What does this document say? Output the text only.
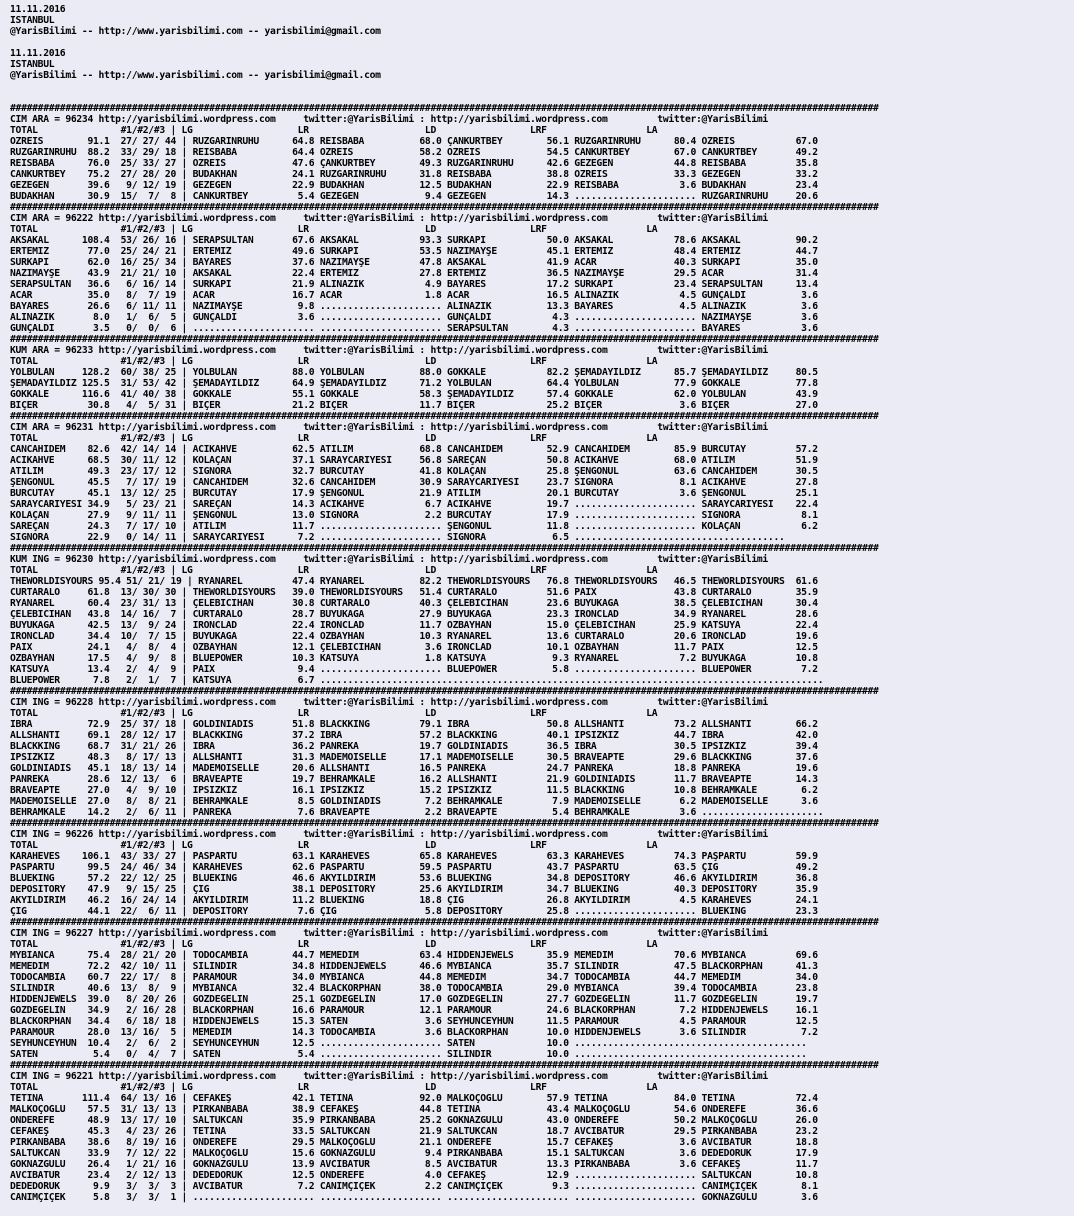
11.11.2016
ISTANBUL
@YarisBilimi -- http://www.yarisbilimi.com -- yarisbilimi@gmail.com

11.11.2016
ISTANBUL
@YarisBilimi -- http://www.yarisbilimi.com -- yarisbilimi@gmail.com

#############################################################################################################################################################
CIM ARA = 96234 http://yarisbilimi.wordpress.com     twitter:@YarisBilimi : http://yarisbilimi.wordpress.com         twitter:@YarisBilimi
TOTAL               #1/#2/#3 | LG                   LR                     LD                 LRF                  LA
ÖZREİS        91.1  27/ 27/ 44 | RUZGARINRUHU      64.8 REİSBABA          68.0 ÇANKURTBEY        56.1 RUZGARINRUHU      80.4 ÖZREİS           67.0
RUZGARINRUHU  88.2  33/ 29/ 18 | REİSBABA          64.4 ÖZREİS            58.2 ÖZREİS            54.5 CANKURTBEY        67.0 CANKURTBEY       49.2
REİSBABA      76.0  25/ 33/ 27 | ÖZREİS            47.6 ÇANKURTBEY        49.3 RUZGARINRUHU      42.6 GEZEGEN           44.8 REİSBABA         35.8
CANKURTBEY    75.2  27/ 28/ 20 | BUDAKHAN          24.1 RUZGARINRUHU      31.8 REİSBABA          38.8 ÖZREİS            33.3 GEZEGEN          33.2
GEZEGEN       39.6   9/ 12/ 19 | GEZEGEN           22.9 BUDAKHAN          12.5 BUDAKHAN          22.9 REİSBABA           3.6 BUDAKHAN         23.4
BUDAKHAN      30.9  15/  7/  8 | CANKURTBEY         5.4 GEZEGEN            9.4 GEZEGEN           14.3 ...................... RUZGARINRUHU     20.6
#############################################################################################################################################################
CIM ARA = 96222 http://yarisbilimi.wordpress.com     twitter:@YarisBilimi : http://yarisbilimi.wordpress.com         twitter:@YarisBilimi
TOTAL               #1/#2/#3 | LG                   LR                     LD                 LRF                  LA
AKSAKAL      108.4  53/ 26/ 16 | SERAPSULTAN       67.6 AKSAKAL           93.3 SURKAPI           50.0 AKSAKAL           78.6 AKSAKAL          90.2
ERTEMİZ       77.0  25/ 24/ 21 | ERTEMİZ           49.6 SURKAPI           53.5 NAZIMAYŞE         45.1 ERTEMİZ           48.4 ERTEMİZ          44.7
SURKAPI       62.0  16/ 25/ 34 | BAYARES           37.6 NAZIMAYŞE         47.8 AKSAKAL           41.9 ACAR              40.3 SURKAPI          35.0
NAZIMAYŞE     43.9  21/ 21/ 10 | AKSAKAL           22.4 ERTEMİZ           27.8 ERTEMİZ           36.5 NAZIMAYŞE         29.5 ACAR             31.4
SERAPSULTAN   36.6   6/ 16/ 14 | SURKAPI           21.9 ALINAZİK           4.9 BAYARES           17.2 SURKAPI           23.4 SERAPSULTAN      13.4
ACAR          35.0   8/  7/ 19 | ACAR              16.7 ACAR               1.8 ACAR              16.5 ALINAZİK           4.5 GÜNÇALDI          3.6
BAYARES       26.6   6/ 11/ 11 | NAZIMAYŞE          9.8 ...................... ALINAZİK          13.3 BAYARES            4.5 ALINAZİK          3.6
ALINAZİK       8.0   1/  6/  5 | GÜNÇALDI           3.6 ...................... GÜNÇALDI           4.3 ...................... NAZIMAYŞE         3.6
GÜNÇALDI       3.5   0/  0/  6 | ...................... ...................... SERAPSULTAN        4.3 ...................... BAYARES           3.6
#############################################################################################################################################################
KUM ARA = 96233 http://yarisbilimi.wordpress.com     twitter:@YarisBilimi : http://yarisbilimi.wordpress.com         twitter:@YarisBilimi
TOTAL               #1/#2/#3 | LG                   LR                     LD                 LRF                  LA
YOLBULAN     128.2  60/ 38/ 25 | YOLBULAN          88.0 YOLBULAN          88.0 GÖKKALE           82.2 ŞEMADAYILDIZ      85.7 ŞEMADAYILDIZ     80.5
ŞEMADAYILDIZ 125.5  31/ 53/ 42 | ŞEMADAYILDIZ      64.9 ŞEMADAYILDIZ      71.2 YOLBULAN          64.4 YOLBULAN          77.9 GÖKKALE          77.8
GÖKKALE      116.6  41/ 40/ 38 | GÖKKALE           55.1 GÖKKALE           58.3 ŞEMADAYILDIZ      57.4 GÖKKALE           62.0 YOLBULAN         43.9
BİÇER         30.8   4/  5/ 31 | BİÇER             21.2 BİÇER             11.7 BİÇER             25.2 BİÇER              3.6 BİÇER            27.0
#############################################################################################################################################################
CIM ARA = 96231 http://yarisbilimi.wordpress.com     twitter:@YarisBilimi : http://yarisbilimi.wordpress.com         twitter:@YarisBilimi
TOTAL               #1/#2/#3 | LG                   LR                     LD                 LRF                  LA
CANCAHİDEM    82.6  42/ 14/ 14 | ACIKAHVE          62.5 ATILIM            68.8 CANCAHİDEM        52.9 CANCAHİDEM        85.9 BURCUTAY         57.2
ACIKAHVE      68.5  30/ 11/ 12 | KOLAÇAN           37.1 SARAYCARİYESİ     56.8 SAREÇAN           50.8 ACIKAHVE          68.0 ATILIM           51.9
ATILIM        49.3  23/ 17/ 12 | SİGNORA           32.7 BURCUTAY          41.8 KOLAÇAN           25.8 ŞENGONÜL          63.6 CANCAHİDEM       30.5
ŞENGONÜL      45.5   7/ 17/ 19 | CANCAHİDEM        32.6 CANCAHİDEM        30.9 SARAYCARİYESİ     23.7 SİGNORA            8.1 ACIKAHVE         27.8
BURCUTAY      45.1  13/ 12/ 25 | BURCUTAY          17.9 ŞENGONÜL          21.9 ATILIM            20.1 BURCUTAY           3.6 ŞENGONÜL         25.1
SARAYCARİYESİ 34.9   5/ 23/ 21 | SAREÇAN           14.3 ACIKAHVE           6.7 ACIKAHVE          19.7 ...................... SARAYCARİYESİ    22.4
KOLAÇAN       27.9   9/ 11/ 11 | ŞENGONÜL          13.0 SİGNORA            2.2 BURCUTAY          17.9 ...................... SİGNORA           8.1
SAREÇAN       24.3   7/ 17/ 10 | ATILIM            11.7 ...................... ŞENGONÜL          11.8 ...................... KOLAÇAN           6.2
SİGNORA       22.9   0/ 14/ 11 | SARAYCARİYESİ      7.2 ...................... SİGNORA            6.5 ......................................
#############################################################################################################################################################
KUM ING = 96230 http://yarisbilimi.wordpress.com     twitter:@YarisBilimi : http://yarisbilimi.wordpress.com         twitter:@YarisBilimi
TOTAL               #1/#2/#3 | LG                   LR                     LD                 LRF                  LA
THEWORLDISYOURS 95.4 51/ 21/ 19 | RYANAREL         47.4 RYANAREL          82.2 THEWORLDISYOURS   76.8 THEWORLDISYOURS   46.5 THEWORLDISYOURS  61.6
CURTARALO     61.8  13/ 30/ 30 | THEWORLDISYOURS   39.0 THEWORLDISYOURS   51.4 CURTARALO         51.6 PAİX              43.8 CURTARALO        35.9
RYANAREL      60.4  23/ 31/ 13 | ÇELEBİCİHAN       30.8 CURTARALO         40.3 ÇELEBİCİHAN       23.6 BUYUKAGA          38.5 ÇELEBİCİHAN      30.4
ÇELEBİCİHAN   43.8  14/ 16/  7 | CURTARALO         28.7 BUYUKAGA          27.9 BUYUKAGA          23.3 IRONCLAD          34.9 RYANAREL         28.6
BUYUKAGA      42.5  13/  9/ 24 | IRONCLAD          22.4 IRONCLAD          11.7 ÖZBAYHAN          15.0 ÇELEBİCİHAN       25.9 KATSUYA          22.4
IRONCLAD      34.4  10/  7/ 15 | BUYUKAGA          22.4 ÖZBAYHAN          10.3 RYANAREL          13.6 CURTARALO         20.6 IRONCLAD         19.6
PAİX          24.1   4/  8/  4 | ÖZBAYHAN          12.1 ÇELEBİCİHAN        3.6 IRONCLAD          10.1 ÖZBAYHAN          11.7 PAİX             12.5
ÖZBAYHAN      17.5   4/  9/  8 | BLUEPOWER         10.3 KATSUYA            1.8 KATSUYA            9.3 RYANAREL           7.2 BUYUKAGA         10.8
KATSUYA       13.4   2/  4/  9 | PAİX               9.4 ...................... BLUEPOWER          5.8 ...................... BLUEPOWER         7.2
BLUEPOWER      7.8   2/  1/  7 | KATSUYA            6.7 ...........................................................................................
#############################################################################################################################################################
CIM ING = 96228 http://yarisbilimi.wordpress.com     twitter:@YarisBilimi : http://yarisbilimi.wordpress.com         twitter:@YarisBilimi
TOTAL               #1/#2/#3 | LG                   LR                     LD                 LRF                  LA
İBRA          72.9  25/ 37/ 18 | GOLDINIADIS       51.8 BLACKKING         79.1 İBRA              50.8 ALLSHANTI         73.2 ALLSHANTI        66.2
ALLSHANTI     69.1  28/ 12/ 17 | BLACKKING         37.2 İBRA              57.2 BLACKKING         40.1 İPSİZKIZ          44.7 İBRA             42.0
BLACKKING     68.7  31/ 21/ 26 | İBRA              36.2 PANREKA           19.7 GOLDINIADIS       36.5 İBRA              30.5 İPSİZKIZ         39.4
İPSİZKIZ      48.3   8/ 17/ 13 | ALLSHANTI         31.3 MADEMOISELLE      17.1 MADEMOISELLE      30.5 BRAVEAPTE         29.6 BLACKKING        37.6
GOLDINIADIS   45.1  18/ 13/ 14 | MADEMOISELLE      20.6 ALLSHANTI         16.5 PANREKA           24.7 PANREKA           18.8 PANREKA          19.6
PANREKA       28.6  12/ 13/  6 | BRAVEAPTE         19.7 BEHRAMKALE        16.2 ALLSHANTI         21.9 GOLDINIADIS       11.7 BRAVEAPTE        14.3
BRAVEAPTE     27.0   4/  9/ 10 | İPSİZKIZ          16.1 İPSİZKIZ          15.2 İPSİZKIZ          11.5 BLACKKING         10.8 BEHRAMKALE        6.2
MADEMOISELLE  27.0   8/  8/ 21 | BEHRAMKALE         8.5 GOLDINIADIS        7.2 BEHRAMKALE         7.9 MADEMOISELLE       6.2 MADEMOISELLE      3.6
BEHRAMKALE    14.2   2/  6/ 11 | PANREKA            7.6 BRAVEAPTE          2.2 BRAVEAPTE          5.4 BEHRAMKALE         3.6 ......................
#############################################################################################################################################################
CIM ING = 96226 http://yarisbilimi.wordpress.com     twitter:@YarisBilimi : http://yarisbilimi.wordpress.com         twitter:@YarisBilimi
TOTAL               #1/#2/#3 | LG                   LR                     LD                 LRF                  LA
KARAHEVES    106.1  43/ 33/ 27 | PASPARTU          63.1 KARAHEVES         65.8 KARAHEVES         63.3 KARAHEVES         74.3 PAŞPARTU         59.9
PASPARTU      99.5  24/ 46/ 34 | KARAHEVES         62.6 PASPARTU          59.5 PASPARTU          43.7 PASPARTU          63.5 ÇIĞ              49.2
BLUEKING      57.2  22/ 12/ 25 | BLUEKING          46.6 AKYILDIRIM        53.6 BLUEKING          34.8 DEPOSITORY        46.6 AKYILDIRIM       36.8
DEPOSITORY    47.9   9/ 15/ 25 | ÇIĞ               38.1 DEPOSITORY        25.6 AKYILDIRIM        34.7 BLUEKING          40.3 DEPOSITORY       35.9
AKYILDIRIM    46.2  16/ 24/ 14 | AKYILDIRIM        11.2 BLUEKING          18.8 ÇIĞ               26.8 AKYILDIRIM         4.5 KARAHEVES        24.1
ÇIĞ           44.1  22/  6/ 11 | DEPOSITORY         7.6 ÇIĞ                5.8 DEPOSITORY        25.8 ...................... BLUEKING         23.3
#############################################################################################################################################################
CIM ING = 96227 http://yarisbilimi.wordpress.com     twitter:@YarisBilimi : http://yarisbilimi.wordpress.com         twitter:@YarisBilimi
TOTAL               #1/#2/#3 | LG                   LR                     LD                 LRF                  LA
MYBIANCA      75.4  28/ 21/ 20 | TODOCAMBIA        44.7 MEMEDİM           63.4 HIDDENJEWELS      35.9 MEMEDİM           70.6 MYBIANCA         69.6
MEMEDİM       72.2  42/ 10/ 11 | SİLİNDİR          34.8 HIDDENJEWELS      46.6 MYBIANCA          35.7 SİLİNDİR          47.5 BLACKORPHAN      41.3
TODOCAMBIA    60.7  22/ 17/  8 | PARAMOUR          34.0 MYBIANCA          44.8 MEMEDİM           34.7 TODOCAMBIA        44.7 MEMEDİM          34.0
SİLİNDİR      40.6  13/  8/  9 | MYBIANCA          32.4 BLACKORPHAN       38.0 TODOCAMBIA        29.0 MYBIANCA          39.4 TODOCAMBIA       23.8
HIDDENJEWELS  39.0   8/ 20/ 26 | GÖZDEGELİN        25.1 GÖZDEGELİN        17.0 GÖZDEGELİN        27.7 GÖZDEGELİN        11.7 GÖZDEGELİN       19.7
GÖZDEGELİN    34.9   2/ 16/ 28 | BLACKORPHAN       16.6 PARAMOUR          12.1 PARAMOUR          24.6 BLACKORPHAN        7.2 HIDDENJEWELS     16.1
BLACKORPHAN   34.4   6/ 18/ 18 | HIDDENJEWELS      15.3 SATEN              3.6 SEYHUNCEYHUN      11.5 PARAMOUR           4.5 PARAMOUR         12.5
PARAMOUR      28.0  13/ 16/  5 | MEMEDİM           14.3 TODOCAMBIA         3.6 BLACKORPHAN       10.0 HIDDENJEWELS       3.6 SİLİNDİR          7.2
SEYHUNCEYHUN  10.4   2/  6/  2 | SEYHUNCEYHUN      12.5 ...................... SATEN             10.0 ..........................................
SATEN          5.4   0/  4/  7 | SATEN              5.4 ...................... SİLİNDİR          10.0 ..........................................
#############################################################################################################################################################
CIM ING = 96221 http://yarisbilimi.wordpress.com     twitter:@YarisBilimi : http://yarisbilimi.wordpress.com         twitter:@YarisBilimi
TOTAL               #1/#2/#3 | LG                   LR                     LD                 LRF                  LA
TETİNA       111.4  64/ 13/ 16 | CEFAKEŞ           42.1 TETİNA            92.0 MALKOÇOĞLU        57.9 TETİNA            84.0 TETİNA           72.4
MALKOÇOĞLU    57.5  31/ 13/ 13 | PİRKANBABA        38.9 CEFAKEŞ           44.8 TETİNA            43.4 MALKOÇOĞLU        54.6 ÖNDEREFE         36.6
ÖNDEREFE      48.9  13/ 17/ 10 | SALTUKCAN         35.9 PİRKANBABA        25.2 GOKNAZGÜLÜ        43.0 ÖNDEREFE          50.2 MALKOÇOĞLU       26.0
CEFAKEŞ       45.3   4/ 23/ 26 | TETİNA            33.5 SALTUKCAN         21.9 SALTUKCAN         18.7 AVCIBATUR         29.5 PİRKANBABA       23.2
PİRKANBABA    38.6   8/ 19/ 16 | ÖNDEREFE          29.5 MALKOÇOĞLU        21.1 ÖNDEREFE          15.7 CEFAKEŞ            3.6 AVCIBATUR        18.8
SALTUKCAN     33.9   7/ 12/ 22 | MALKOÇOĞLU        15.6 GOKNAZGÜLÜ         9.4 PİRKANBABA        15.1 SALTUKCAN          3.6 DEDEDORUK        17.9
GOKNAZGÜLÜ    26.4   1/ 21/ 16 | GOKNAZGÜLÜ        13.9 AVCIBATUR          8.5 AVCIBATUR         13.3 PİRKANBABA         3.6 CEFAKEŞ          11.7
AVCIBATUR     23.4   2/ 12/ 13 | DEDEDORUK         12.5 ÖNDEREFE           4.0 CEFAKEŞ           12.9 ...................... SALTUKCAN        10.8
DEDEDORUK      9.9   3/  3/  3 | AVCIBATUR          7.2 CANIMÇİÇEK         2.2 CANIMÇİÇEK         9.3 ...................... CANIMÇİÇEK        8.1
CANIMÇİÇEK     5.8   3/  3/  1 | ...................... ...................... ...................... ...................... GOKNAZGÜLÜ        3.6
